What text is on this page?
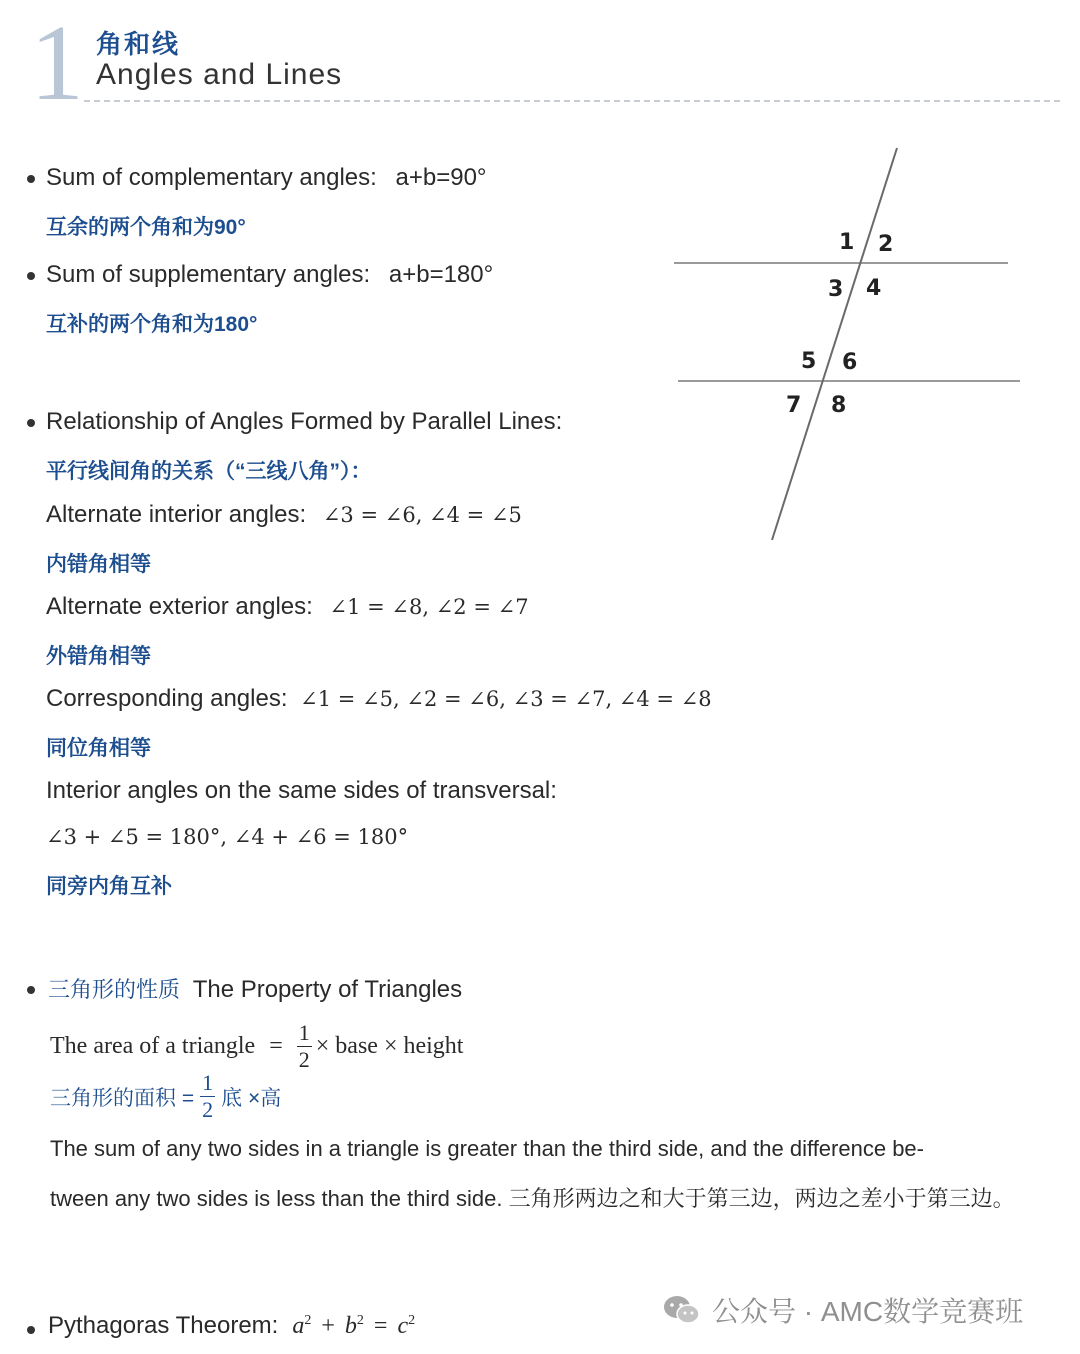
1 角和线
Angles and Lines
Sum of complementary angles: a+b=90°
互余的两个角和为90°
Sum of supplementary angles: a+b=180°
互补的两个角和为180°
Relationship of Angles Formed by Parallel Lines:
平行线间角的关系（“三线八角”）：
Alternate interior angles: ∠3 = ∠6, ∠4 = ∠5
内错角相等
Alternate exterior angles: ∠1 = ∠8, ∠2 = ∠7
外错角相等
Corresponding angles: ∠1 = ∠5, ∠2 = ∠6, ∠3 = ∠7, ∠4 = ∠8
同位角相等
Interior angles on the same sides of transversal:
∠3 + ∠5 = 180°, ∠4 + ∠6 = 180°
同旁内角互补
1 2
3 4
5 6
7 8
三角形的性质 The Property of Triangles
The area of a triangle = $\frac{1}{2}$ × base × height
三角形的面积 = $\frac{1}{2}$ 底 ×高
The sum of any two sides in a triangle is greater than the third side, and the difference be-
tween any two sides is less than the third side. 三角形两边之和大于第三边，两边之差小于第三边。
Pythagoras Theorem: $a^2 + b^2 = c^2$	公众号 · AMC数学竞赛班
